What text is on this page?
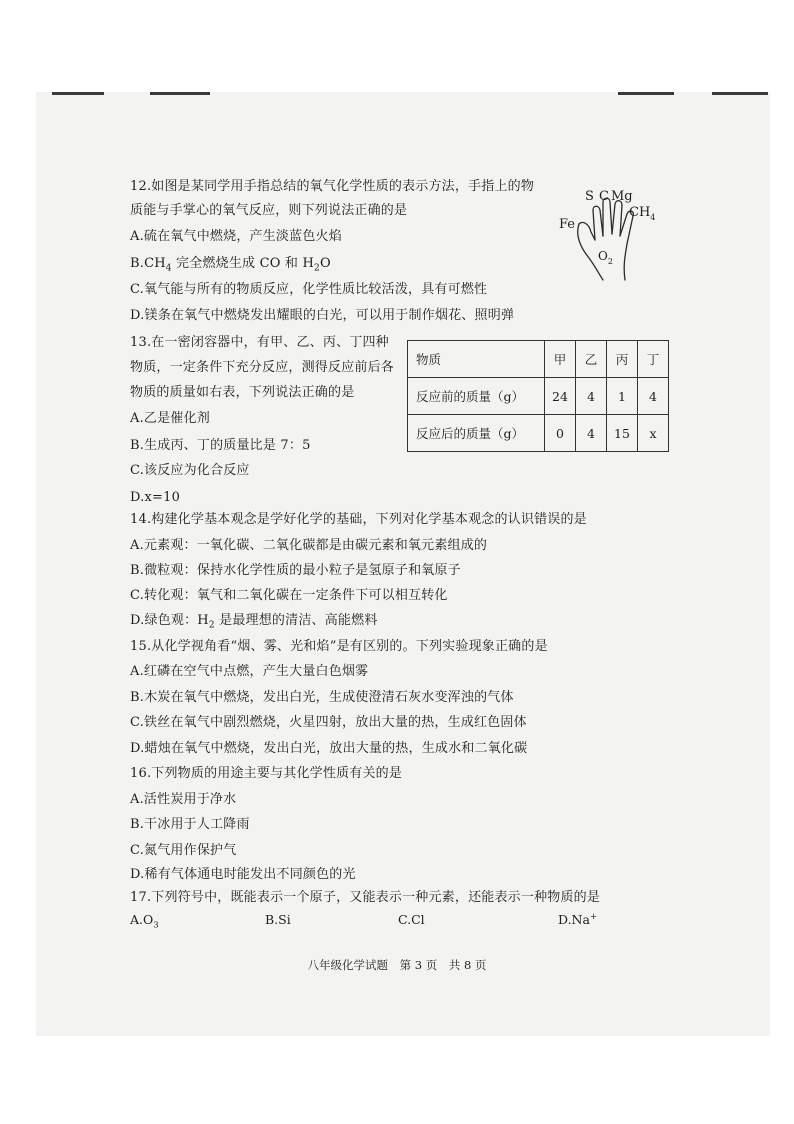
12.如图是某同学用手指总结的氧气化学性质的表示方法，手指上的物
质能与手掌心的氧气反应，则下列说法正确的是
A.硫在氧气中燃烧，产生淡蓝色火焰
$B.CH_4$ 完全燃烧生成 CO 和 $H_2O$
C.氧气能与所有的物质反应，化学性质比较活泼，具有可燃性
D.镁条在氧气中燃烧发出耀眼的白光，可以用于制作烟花、照明弹
S C Mg
$CH_4$
Fe
$O_2$
13.在一密闭容器中，有甲、乙、丙、丁四种
物质，一定条件下充分反应，测得反应前后各
物质的质量如右表，下列说法正确的是
A.乙是催化剂
B.生成丙、丁的质量比是 7：5
C.该反应为化合反应
D.x=10
物质	甲	乙	丙	丁
反应前的质量（g）	24	4	1	4
反应后的质量（g）	0	4	15	x
14.构建化学基本观念是学好化学的基础，下列对化学基本观念的认识错误的是
A.元素观：一氧化碳、二氧化碳都是由碳元素和氧元素组成的
B.微粒观：保持水化学性质的最小粒子是氢原子和氧原子
C.转化观：氧气和二氧化碳在一定条件下可以相互转化
D.绿色观：$H_2$ 是最理想的清洁、高能燃料
15.从化学视角看“烟、雾、光和焰”是有区别的。下列实验现象正确的是
A.红磷在空气中点燃，产生大量白色烟雾
B.木炭在氧气中燃烧，发出白光，生成使澄清石灰水变浑浊的气体
C.铁丝在氧气中剧烈燃烧，火星四射，放出大量的热，生成红色固体
D.蜡烛在氧气中燃烧，发出白光，放出大量的热，生成水和二氧化碳
16.下列物质的用途主要与其化学性质有关的是
A.活性炭用于净水
B.干冰用于人工降雨
C.氮气用作保护气
D.稀有气体通电时能发出不同颜色的光
17.下列符号中，既能表示一个原子，又能表示一种元素，还能表示一种物质的是
$A.O_3$	B.Si	C.Cl	D.Na+
八年级化学试题 第 3 页 共 8 页
